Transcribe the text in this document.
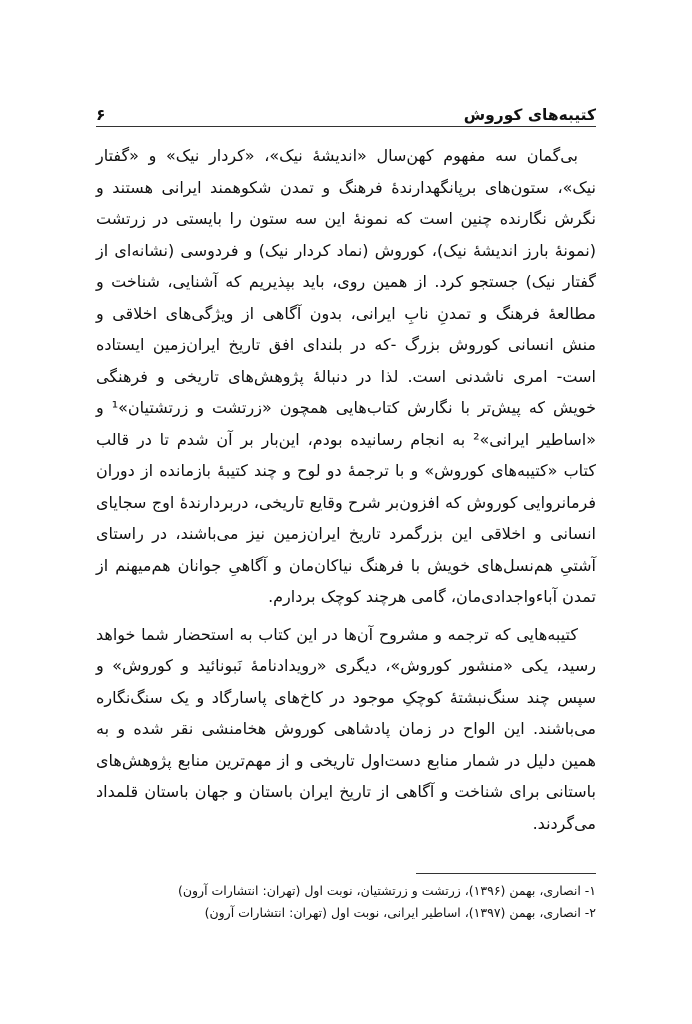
کتیبه‌های کوروش
۶

بی‌گمان سه مفهوم کهن‌سال «اندیشهٔ نیک»، «کردار نیک» و «گفتار نیک»، ستون‌های برپانگهدارندهٔ فرهنگ و تمدن شکوهمند ایرانی هستند و نگرش نگارنده چنین است که نمونهٔ این سه ستون را بایستی در زرتشت (نمونهٔ بارز اندیشهٔ نیک)، کوروش (نماد کردار نیک) و فردوسی (نشانه‌ای از گفتار نیک) جستجو کرد. از همین روی، باید بپذیریم که آشنایی، شناخت و مطالعهٔ فرهنگ و تمدنِ نابِ ایرانی، بدون آگاهی از ویژگی‌های اخلاقی و منش انسانی کوروش بزرگ -که در بلندای افق تاریخ ایران‌زمین ایستاده است- امری ناشدنی است. لذا در دنبالهٔ پژوهش‌های تاریخی و فرهنگی خویش که پیش‌تر با نگارش کتاب‌هایی همچون «زرتشت و زرتشتیان»¹ و «اساطیر ایرانی»² به انجام رسانیده بودم، این‌بار بر آن شدم تا در قالب کتاب «کتیبه‌های کوروش» و با ترجمهٔ دو لوح و چند کتیبهٔ بازمانده از دوران فرمانروایی کوروش که افزون‌بر شرح وقایع تاریخی، دربردارندهٔ اوج سجایای انسانی و اخلاقی این بزرگمرد تاریخ ایران‌زمین نیز می‌باشند، در راستای آشتیِ هم‌نسل‌های خویش با فرهنگ نیاکان‌مان و آگاهیِ جوانان هم‌میهنم از تمدن آباء‌واجدادی‌مان، گامی هرچند کوچک بردارم.

کتیبه‌هایی که ترجمه و مشروح آن‌ها در این کتاب به استحضار شما خواهد رسید، یکی «منشور کوروش»، دیگری «رویدادنامهٔ نَبونائید و کوروش» و سپس چند سنگ‌نبشتهٔ کوچکِ موجود در کاخ‌های پاسارگاد و یک سنگ‌نگاره می‌باشند. این الواح در زمان پادشاهی کوروش هخامنشی نقر شده و به همین دلیل در شمار منابع دست‌اول تاریخی و از مهم‌ترین منابع پژوهش‌های باستانی برای شناخت و آگاهی از تاریخ ایران باستان و جهان باستان قلمداد می‌گردند.

۱- انصاری، بهمن (۱۳۹۶)، زرتشت و زرتشتیان، نوبت اول (تهران: انتشارات آرون)
۲- انصاری، بهمن (۱۳۹۷)، اساطیر ایرانی، نوبت اول (تهران: انتشارات آرون)
